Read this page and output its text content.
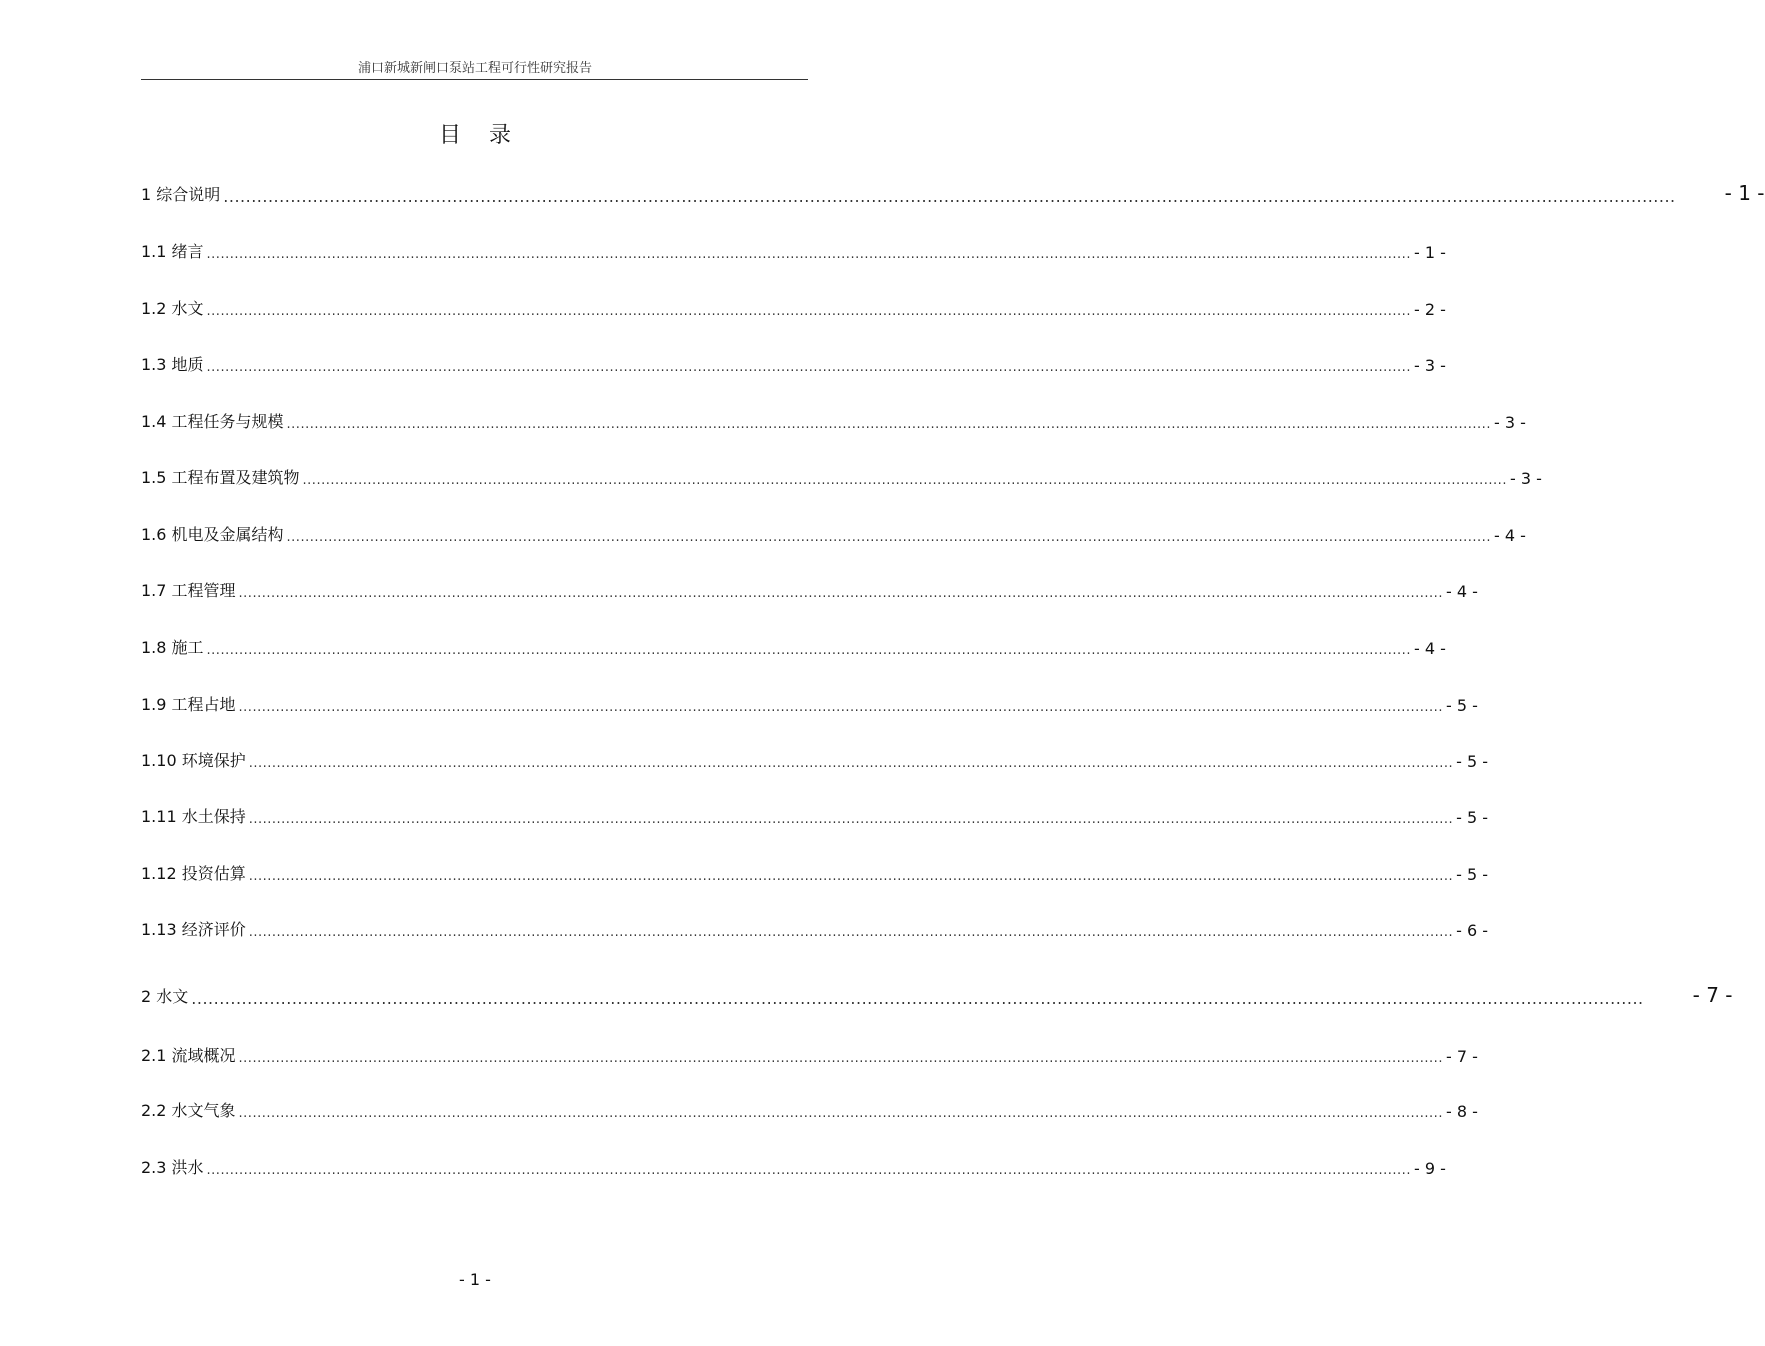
浦口新城新闸口泵站工程可行性研究报告
目录
1 综合说明 .................................................................................................................................................................................................................................................................... - 1 -
1.1 绪言 .................................................................................................................................................................................................................................................................... - 1 -
1.2 水文 .................................................................................................................................................................................................................................................................... - 2 -
1.3 地质 .................................................................................................................................................................................................................................................................... - 3 -
1.4 工程任务与规模 .................................................................................................................................................................................................................................................................... - 3 -
1.5 工程布置及建筑物 .................................................................................................................................................................................................................................................................... - 3 -
1.6 机电及金属结构 .................................................................................................................................................................................................................................................................... - 4 -
1.7 工程管理 .................................................................................................................................................................................................................................................................... - 4 -
1.8 施工 .................................................................................................................................................................................................................................................................... - 4 -
1.9 工程占地 .................................................................................................................................................................................................................................................................... - 5 -
1.10 环境保护 .................................................................................................................................................................................................................................................................... - 5 -
1.11 水土保持 .................................................................................................................................................................................................................................................................... - 5 -
1.12 投资估算 .................................................................................................................................................................................................................................................................... - 5 -
1.13 经济评价 .................................................................................................................................................................................................................................................................... - 6 -
2 水文 .................................................................................................................................................................................................................................................................... - 7 -
2.1 流域概况 .................................................................................................................................................................................................................................................................... - 7 -
2.2 水文气象 .................................................................................................................................................................................................................................................................... - 8 -
2.3 洪水 .................................................................................................................................................................................................................................................................... - 9 -
- 1 -
